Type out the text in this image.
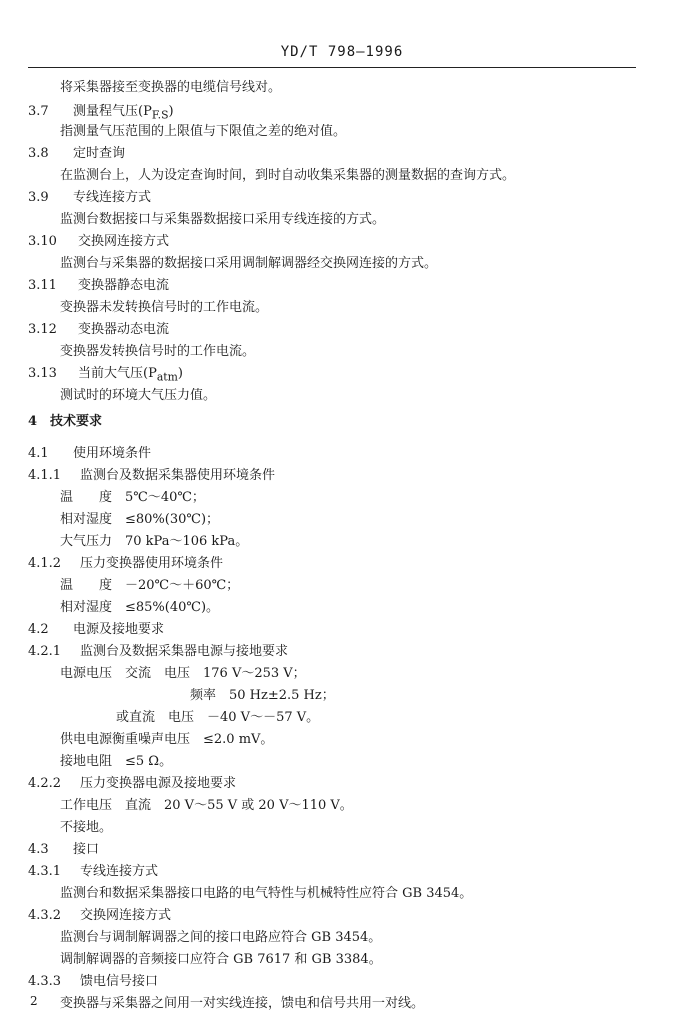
YD/T 798—1996
将采集器接至变换器的电缆信号线对。
3.7 测量程气压$(P_{F.S})$
指测量气压范围的上限值与下限值之差的绝对值。
3.8 定时查询
在监测台上，人为设定查询时间，到时自动收集采集器的测量数据的查询方式。
3.9 专线连接方式
监测台数据接口与采集器数据接口采用专线连接的方式。
3.10 交换网连接方式
监测台与采集器的数据接口采用调制解调器经交换网连接的方式。
3.11 变换器静态电流
变换器未发转换信号时的工作电流。
3.12 变换器动态电流
变换器发转换信号时的工作电流。
3.13 当前大气压$(P_{atm})$
测试时的环境大气压力值。
4 技术要求
4.1 使用环境条件
4.1.1 监测台及数据采集器使用环境条件
温　　度　5℃～40℃；
相对湿度　≤80%(30℃)；
大气压力　70 kPa～106 kPa。
4.1.2 压力变换器使用环境条件
温　　度　－20℃～＋60℃；
相对湿度　≤85%(40℃)。
4.2 电源及接地要求
4.2.1 监测台及数据采集器电源与接地要求
电源电压　交流　电压　176 V～253 V；
频率　50 Hz±2.5 Hz；
或直流　电压　－40 V～－57 V。
供电电源衡重噪声电压　≤2.0 mV。
接地电阻　≤5 Ω。
4.2.2 压力变换器电源及接地要求
工作电压　直流　20 V～55 V 或 20 V～110 V。
不接地。
4.3 接口
4.3.1 专线连接方式
监测台和数据采集器接口电路的电气特性与机械特性应符合 GB 3454。
4.3.2 交换网连接方式
监测台与调制解调器之间的接口电路应符合 GB 3454。
调制解调器的音频接口应符合 GB 7617 和 GB 3384。
4.3.3 馈电信号接口
变换器与采集器之间用一对实线连接，馈电和信号共用一对线。
2
